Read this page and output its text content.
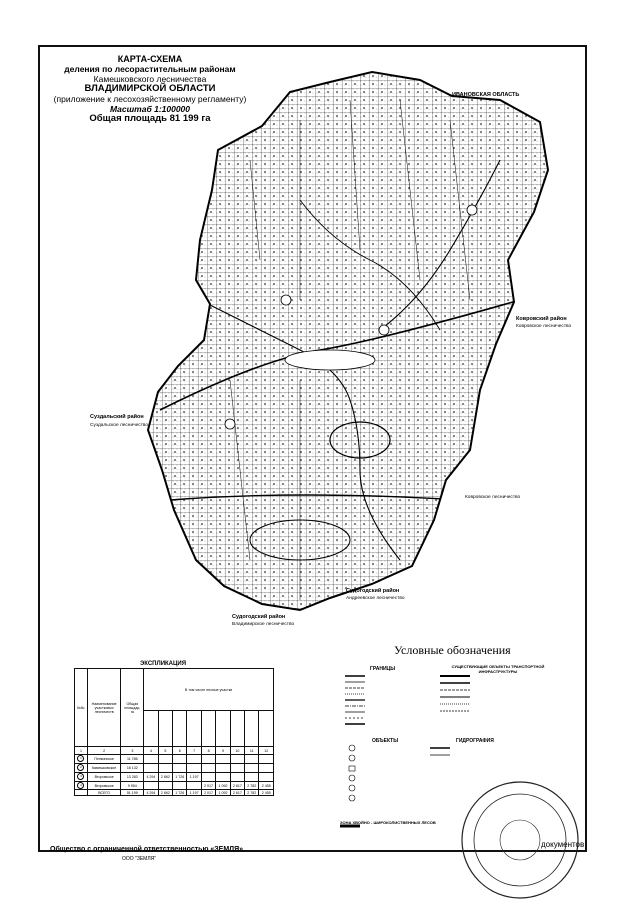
КАРТА-СХЕМА
деления по лесорастительным районам
Камешковского лесничества
ВЛАДИМИРСКОЙ ОБЛАСТИ
(приложение к лесохозяйственному регламенту)
Масштаб 1:100000
Общая площадь 81 199 га
ИВАНОВСКАЯ ОБЛАСТЬ
Ковровский район
Ковровское лесничество
Ковровское лесничество
Суздальский район
Суздальское лесничество
Судогодский район
Андреевское лесничество
Судогодский район
Владимирское лесничество
Условные обозначения
ГРАНИЦЫ	СУЩЕСТВУЮЩИЕ ОБЪЕКТЫ ТРАНСПОРТНОЙ ИНФРАСТРУКТУРЫ
ОБЪЕКТЫ	ГИДРОГРАФИЯ
ЗОНА ХВОЙНО - ШИРОКОЛИСТВЕННЫХ ЛЕСОВ
ЭКСПЛИКАЦИЯ
№№	Наименование
участковых
лесничеств	Общая
площадь,
га	В том числе лесные участки								

1	2	3	4	5	6	7	8	9	10	11	12
1	Пенкинское	11 786									
2	Камешковское	16 132									
3	Второвское	13 283	4 294	2 662	1 726	1 197					
4	Второвское	9 954					2 017	1 092	2 617	2 782	2 455
	ВСЕГО	51 199	4 294	2 662	1 726	1 197	2 017	1 092	2 617	2 782	2 455
Общество с ограниченной ответственностью «ЗЕМЛЯ»
ООО "ЗЕМЛЯ"
документов
